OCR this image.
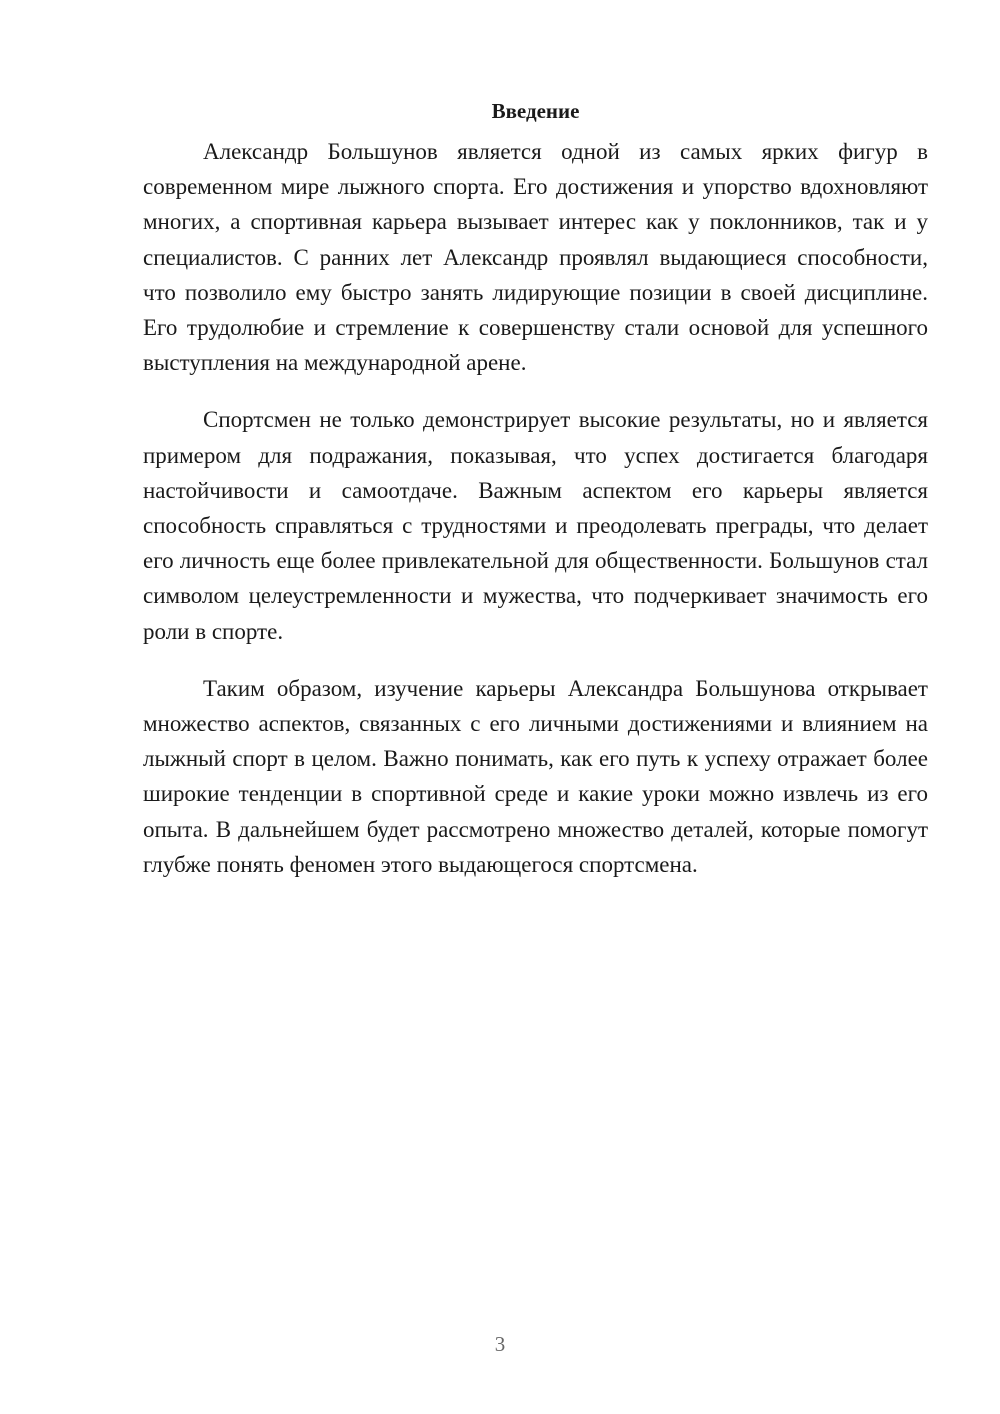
Введение

Александр Большунов является одной из самых ярких фигур в современном мире лыжного спорта. Его достижения и упорство вдохновляют многих, а спортивная карьера вызывает интерес как у поклонников, так и у специалистов. С ранних лет Александр проявлял выдающиеся способности, что позволило ему быстро занять лидирующие позиции в своей дисциплине. Его трудолюбие и стремление к совершенству стали основой для успешного выступления на международной арене.

Спортсмен не только демонстрирует высокие результаты, но и является примером для подражания, показывая, что успех достигается благодаря настойчивости и самоотдаче. Важным аспектом его карьеры является способность справляться с трудностями и преодолевать преграды, что делает его личность еще более привлекательной для общественности. Большунов стал символом целеустремленности и мужества, что подчеркивает значимость его роли в спорте.

Таким образом, изучение карьеры Александра Большунова открывает множество аспектов, связанных с его личными достижениями и влиянием на лыжный спорт в целом. Важно понимать, как его путь к успеху отражает более широкие тенденции в спортивной среде и какие уроки можно извлечь из его опыта. В дальнейшем будет рассмотрено множество деталей, которые помогут глубже понять феномен этого выдающегося спортсмена.

3
